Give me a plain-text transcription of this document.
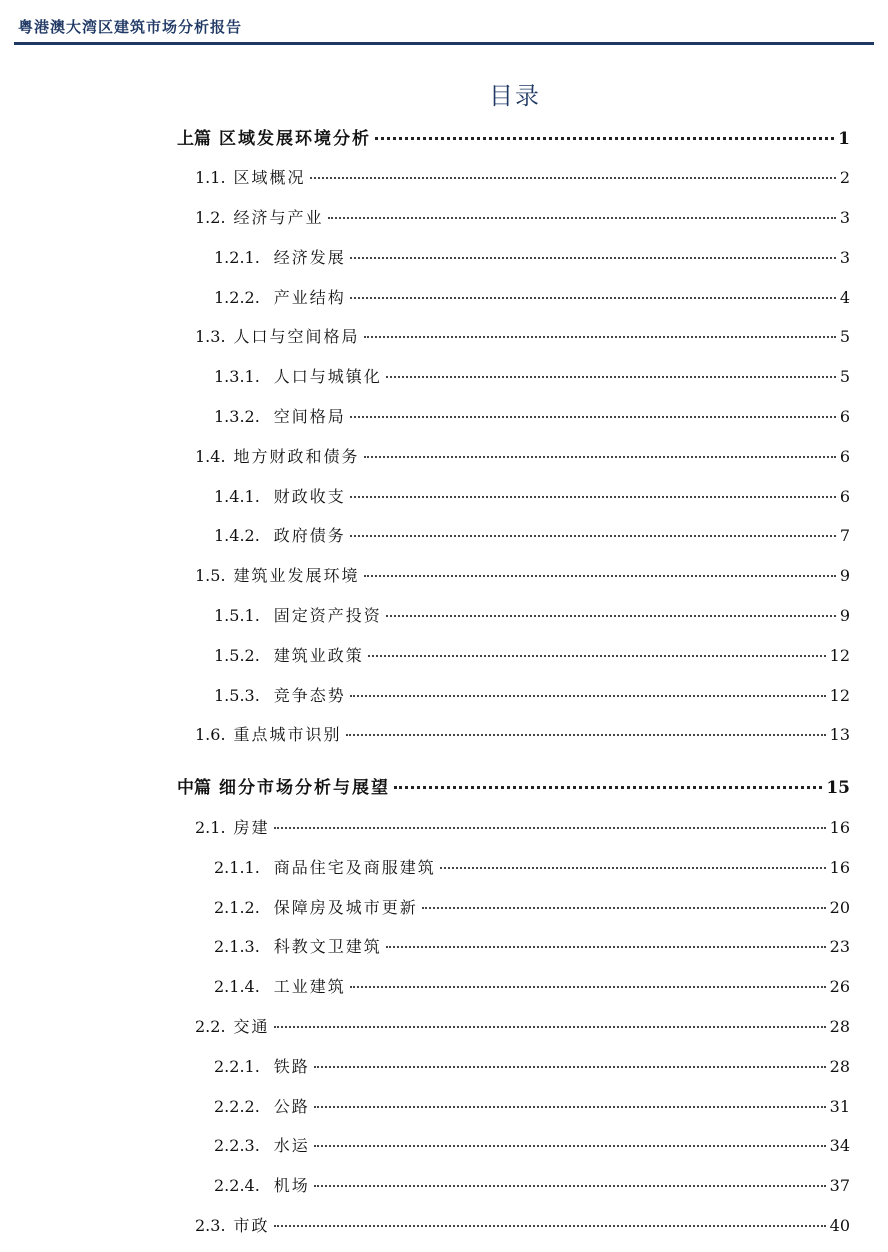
粤港澳大湾区建筑市场分析报告
目录
上篇 区域发展环境分析	1
1.1. 区域概况	2
1.2. 经济与产业	3
1.2.1. 经济发展	3
1.2.2. 产业结构	4
1.3. 人口与空间格局	5
1.3.1. 人口与城镇化	5
1.3.2. 空间格局	6
1.4. 地方财政和债务	6
1.4.1. 财政收支	6
1.4.2. 政府债务	7
1.5. 建筑业发展环境	9
1.5.1. 固定资产投资	9
1.5.2. 建筑业政策	12
1.5.3. 竞争态势	12
1.6. 重点城市识别	13
中篇 细分市场分析与展望	15
2.1. 房建	16
2.1.1. 商品住宅及商服建筑	16
2.1.2. 保障房及城市更新	20
2.1.3. 科教文卫建筑	23
2.1.4. 工业建筑	26
2.2. 交通	28
2.2.1. 铁路	28
2.2.2. 公路	31
2.2.3. 水运	34
2.2.4. 机场	37
2.3. 市政	40
